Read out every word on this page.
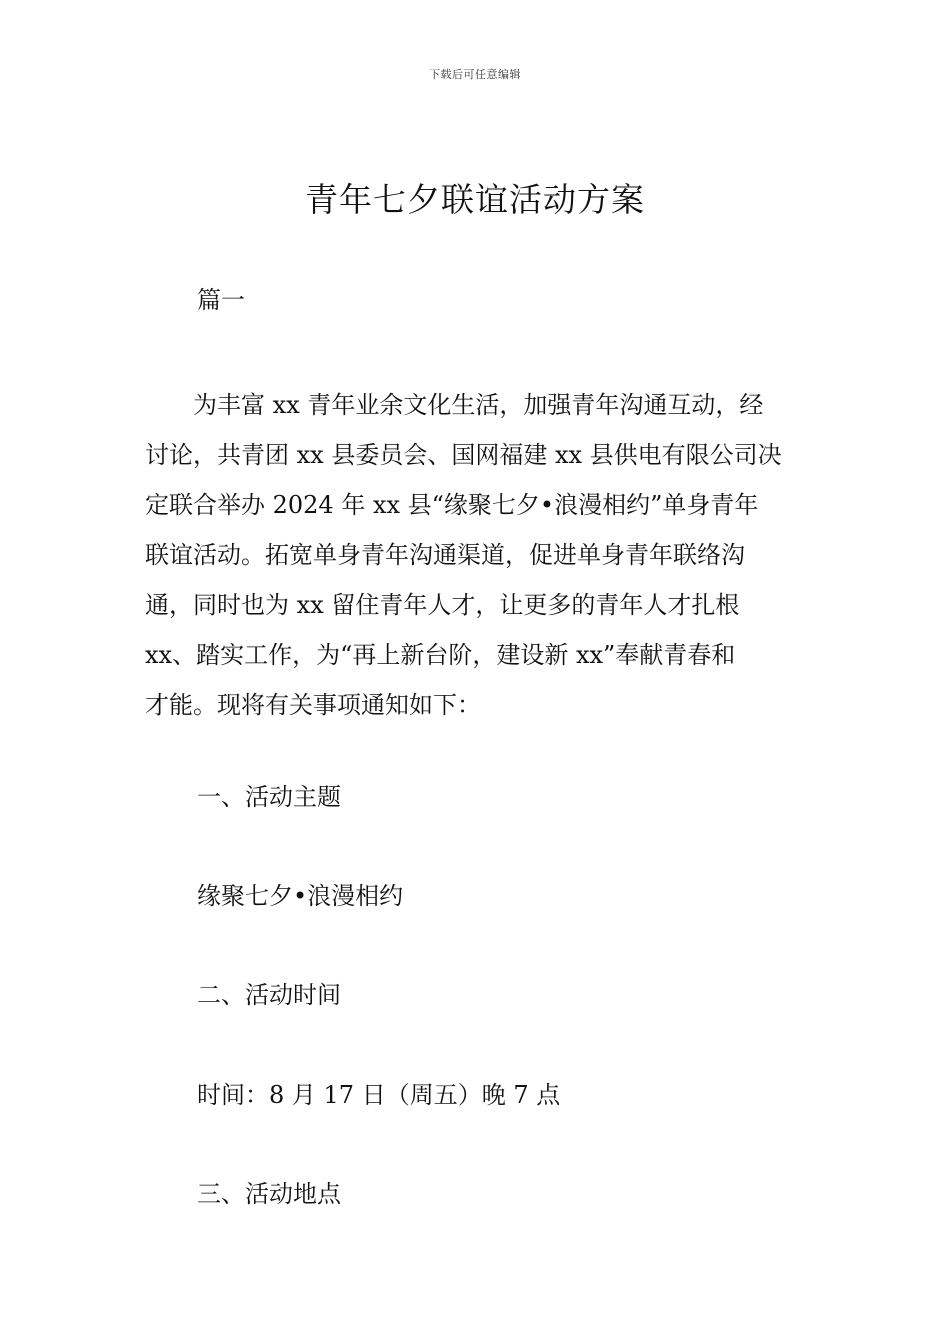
下载后可任意编辑
青年七夕联谊活动方案
篇一
　　为丰富 xx 青年业余文化生活，加强青年沟通互动，经
讨论，共青团 xx 县委员会、国网福建 xx 县供电有限公司决
定联合举办 2024 年 xx 县“缘聚七夕•浪漫相约”单身青年
联谊活动。拓宽单身青年沟通渠道，促进单身青年联络沟
通，同时也为 xx 留住青年人才，让更多的青年人才扎根
xx、踏实工作，为“再上新台阶，建设新 xx”奉献青春和
才能。现将有关事项通知如下：
一、活动主题
缘聚七夕•浪漫相约
二、活动时间
时间：8 月 17 日（周五）晚 7 点
三、活动地点
